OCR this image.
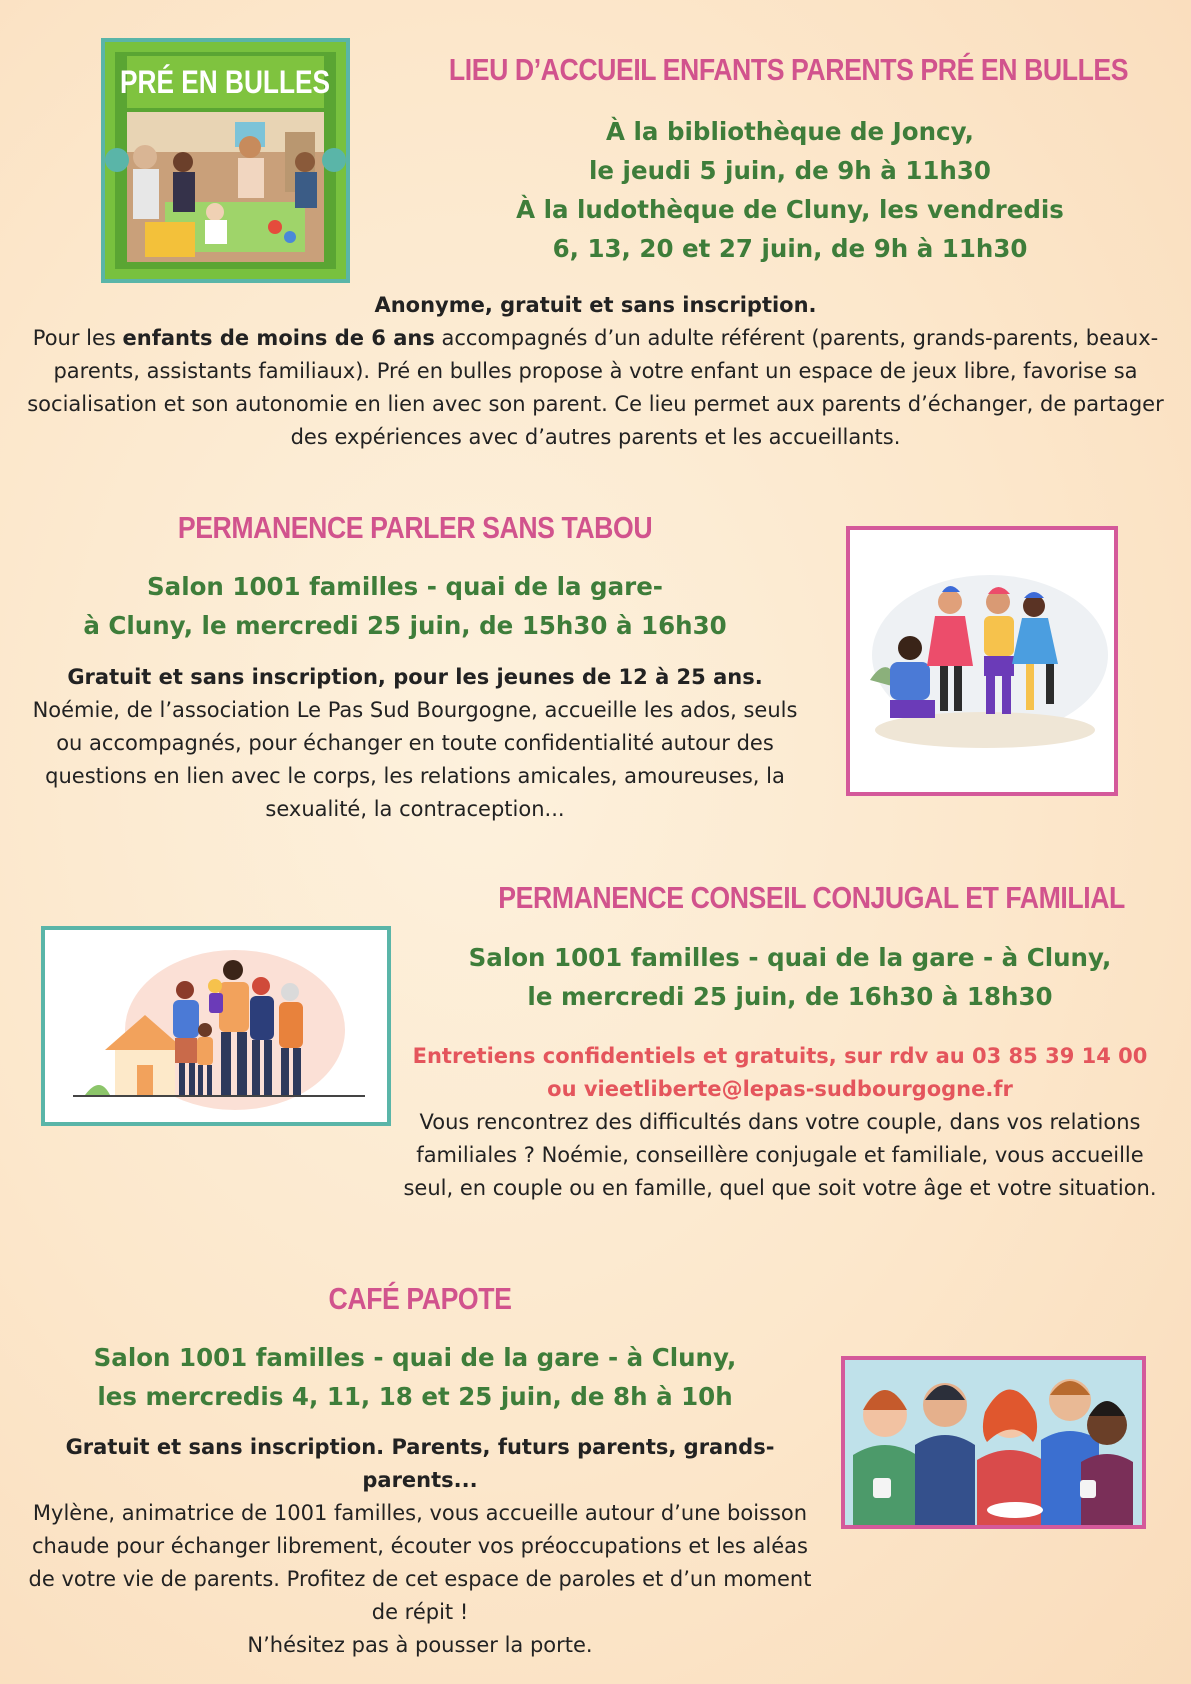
PRÉ EN BULLES	LIEU D’ACCUEIL ENFANTS PARENTS PRÉ EN BULLES
À la bibliothèque de Joncy,
le jeudi 5 juin, de 9h à 11h30
À la ludothèque de Cluny, les vendredis
6, 13, 20 et 27 juin, de 9h à 11h30
Anonyme, gratuit et sans inscription.
Pour les enfants de moins de 6 ans accompagnés d’un adulte référent (parents, grands-parents, beaux- parents, assistants familiaux). Pré en bulles propose à votre enfant un espace de jeux libre, favorise sa socialisation et son autonomie en lien avec son parent. Ce lieu permet aux parents d’échanger, de partager des expériences avec d’autres parents et les accueillants.
PERMANENCE PARLER SANS TABOU
Salon 1001 familles - quai de la gare-
à Cluny, le mercredi 25 juin, de 15h30 à 16h30
Gratuit et sans inscription, pour les jeunes de 12 à 25 ans.
Noémie, de l’association Le Pas Sud Bourgogne, accueille les ados, seuls ou accompagnés, pour échanger en toute confidentialité autour des questions en lien avec le corps, les relations amicales, amoureuses, la sexualité, la contraception...
PERMANENCE CONSEIL CONJUGAL ET FAMILIAL
Salon 1001 familles - quai de la gare - à Cluny,
le mercredi 25 juin, de 16h30 à 18h30
Entretiens confidentiels et gratuits, sur rdv au 03 85 39 14 00
ou vieetliberte@lepas-sudbourgogne.fr
Vous rencontrez des difficultés dans votre couple, dans vos relations familiales ? Noémie, conseillère conjugale et familiale, vous accueille seul, en couple ou en famille, quel que soit votre âge et votre situation.
CAFÉ PAPOTE
Salon 1001 familles - quai de la gare - à Cluny,
les mercredis 4, 11, 18 et 25 juin, de 8h à 10h
Gratuit et sans inscription. Parents, futurs parents, grands-parents...
Mylène, animatrice de 1001 familles, vous accueille autour d’une boisson chaude pour échanger librement, écouter vos préoccupations et les aléas de votre vie de parents. Profitez de cet espace de paroles et d’un moment de répit !
N’hésitez pas à pousser la porte.
